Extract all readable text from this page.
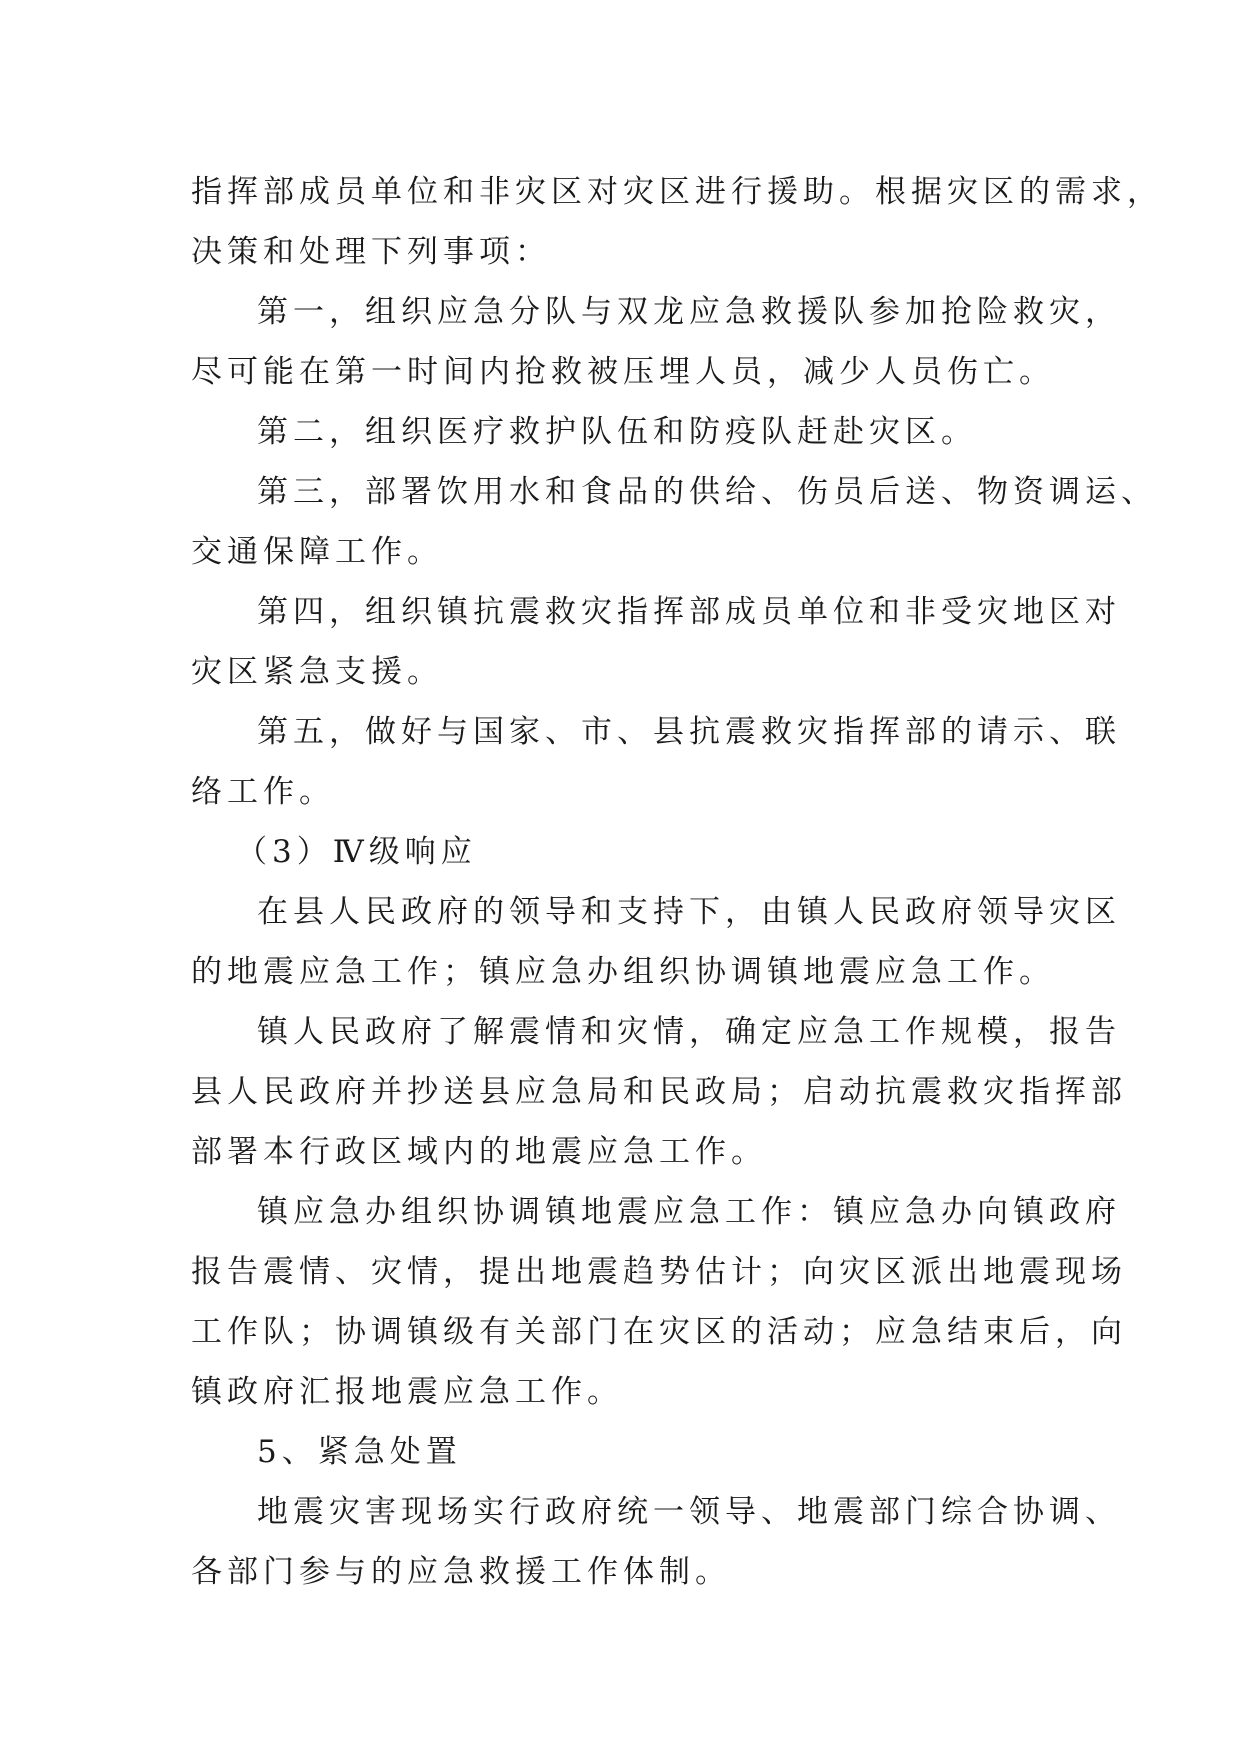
指挥部成员单位和非灾区对灾区进行援助。根据灾区的需求，
决策和处理下列事项：
第一，组织应急分队与双龙应急救援队参加抢险救灾，
尽可能在第一时间内抢救被压埋人员，减少人员伤亡。
第二，组织医疗救护队伍和防疫队赶赴灾区。
第三，部署饮用水和食品的供给、伤员后送、物资调运、
交通保障工作。
第四，组织镇抗震救灾指挥部成员单位和非受灾地区对
灾区紧急支援。
第五，做好与国家、市、县抗震救灾指挥部的请示、联
络工作。
（3）Ⅳ级响应
在县人民政府的领导和支持下，由镇人民政府领导灾区
的地震应急工作；镇应急办组织协调镇地震应急工作。
镇人民政府了解震情和灾情，确定应急工作规模，报告
县人民政府并抄送县应急局和民政局；启动抗震救灾指挥部
部署本行政区域内的地震应急工作。
镇应急办组织协调镇地震应急工作：镇应急办向镇政府
报告震情、灾情，提出地震趋势估计；向灾区派出地震现场
工作队；协调镇级有关部门在灾区的活动；应急结束后，向
镇政府汇报地震应急工作。
5、紧急处置
地震灾害现场实行政府统一领导、地震部门综合协调、
各部门参与的应急救援工作体制。
